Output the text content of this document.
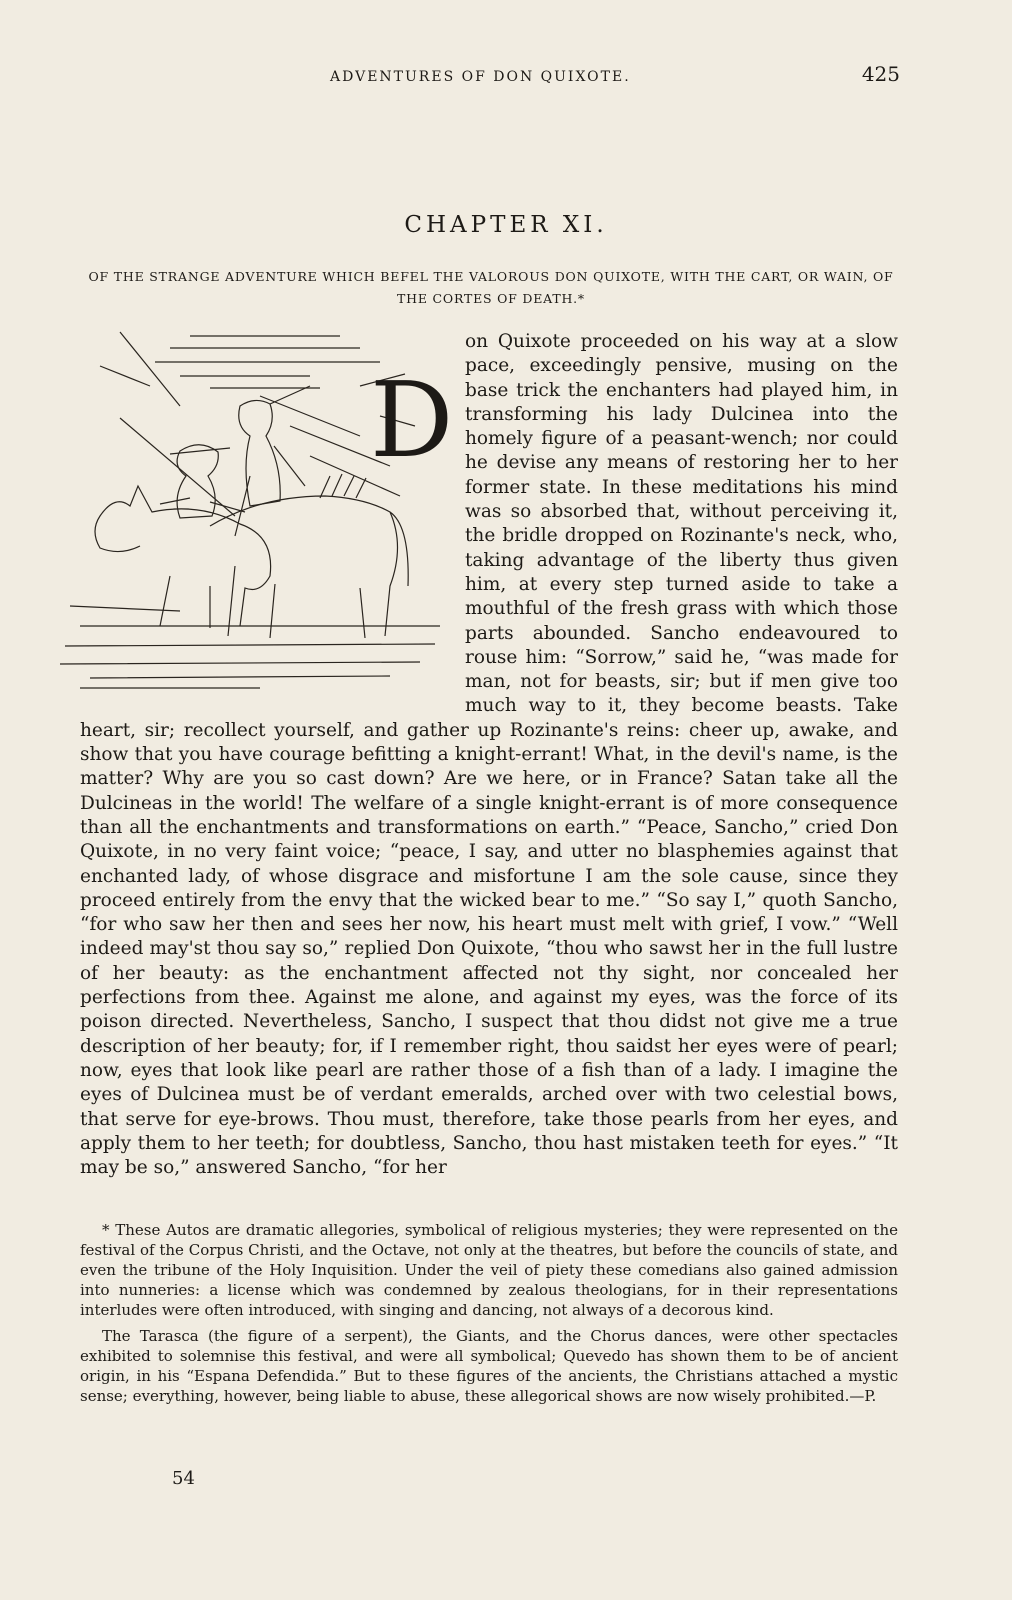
ADVENTURES OF DON QUIXOTE.	425
CHAPTER XI.
OF THE STRANGE ADVENTURE WHICH BEFEL THE VALOROUS DON QUIXOTE, WITH THE CART, OR WAIN, OF THE CORTES OF DEATH.*
D

on Quixote proceeded on his way at a slow pace, exceedingly pensive, musing on the base trick the enchanters had played him, in transforming his lady Dulcinea into the homely figure of a peasant-wench; nor could he devise any means of restoring her to her former state. In these meditations his mind was so absorbed that, without perceiving it, the bridle dropped on Rozinante's neck, who, taking advantage of the liberty thus given him, at every step turned aside to take a mouthful of the fresh grass with which those parts abounded. Sancho endeavoured to rouse him: “Sorrow,” said he, “was made for man, not for beasts, sir; but if men give too much way to it, they become beasts. Take heart, sir; recollect yourself, and gather up Rozinante's reins: cheer up, awake, and show that you have courage befitting a knight-errant! What, in the devil's name, is the matter? Why are you so cast down? Are we here, or in France? Satan take all the Dulcineas in the world! The welfare of a single knight-errant is of more consequence than all the enchantments and transformations on earth.” “Peace, Sancho,” cried Don Quixote, in no very faint voice; “peace, I say, and utter no blasphemies against that enchanted lady, of whose disgrace and misfortune I am the sole cause, since they proceed entirely from the envy that the wicked bear to me.” “So say I,” quoth Sancho, “for who saw her then and sees her now, his heart must melt with grief, I vow.” “Well indeed may'st thou say so,” replied Don Quixote, “thou who sawst her in the full lustre of her beauty: as the enchantment affected not thy sight, nor concealed her perfections from thee. Against me alone, and against my eyes, was the force of its poison directed. Nevertheless, Sancho, I suspect that thou didst not give me a true description of her beauty; for, if I remember right, thou saidst her eyes were of pearl; now, eyes that look like pearl are rather those of a fish than of a lady. I imagine the eyes of Dulcinea must be of verdant emeralds, arched over with two celestial bows, that serve for eye-brows. Thou must, therefore, take those pearls from her eyes, and apply them to her teeth; for doubtless, Sancho, thou hast mistaken teeth for eyes.” “It may be so,” answered Sancho, “for her

* These Autos are dramatic allegories, symbolical of religious mysteries; they were represented on the festival of the Corpus Christi, and the Octave, not only at the theatres, but before the councils of state, and even the tribune of the Holy Inquisition. Under the veil of piety these comedians also gained admission into nunneries: a license which was condemned by zealous theologians, for in their representations interludes were often introduced, with singing and dancing, not always of a decorous kind.

The Tarasca (the figure of a serpent), the Giants, and the Chorus dances, were other spectacles exhibited to solemnise this festival, and were all symbolical; Quevedo has shown them to be of ancient origin, in his “Espana Defendida.” But to these figures of the ancients, the Christians attached a mystic sense; everything, however, being liable to abuse, these allegorical shows are now wisely prohibited.—P.

54
